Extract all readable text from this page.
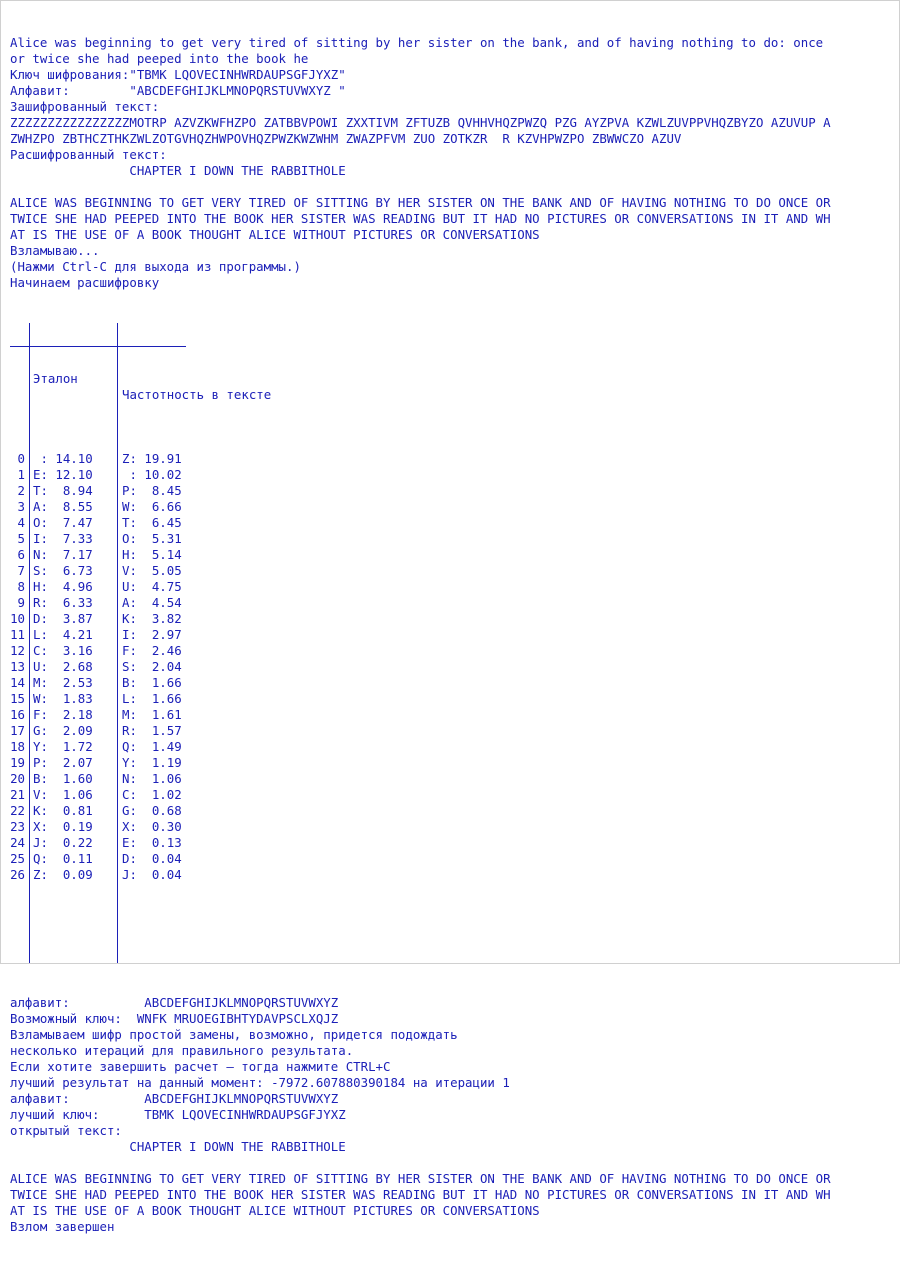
Alice was beginning to get very tired of sitting by her sister on the bank, and of having nothing to do: once
or twice she had peeped into the book he
Ключ шифрования:"TBMK LQOVECINHWRDAUPSGFJYXZ"
Алфавит:        "ABCDEFGHIJKLMNOPQRSTUVWXYZ "
Зашифрованный текст:
ZZZZZZZZZZZZZZZZMOTRP AZVZKWFHZPO ZATBBVPOWI ZXXTIVM ZFTUZB QVHHVHQZPWZQ PZG AYZPVA KZWLZUVPPVHQZBYZO AZUVUP A
ZWHZPO ZBTHCZTHKZWLZOTGVHQZHWPOVHQZPWZKWZWHM ZWAZPFVM ZUO ZOTKZR  R KZVHPWZPO ZBWWCZO AZUV
Расшифрованный текст:
CHAPTER I DOWN THE RABBITHOLE
ALICE WAS BEGINNING TO GET VERY TIRED OF SITTING BY HER SISTER ON THE BANK AND OF HAVING NOTHING TO DO ONCE OR
TWICE SHE HAD PEEPED INTO THE BOOK HER SISTER WAS READING BUT IT HAD NO PICTURES OR CONVERSATIONS IN IT AND WH
AT IS THE USE OF A BOOK THOUGHT ALICE WITHOUT PICTURES OR CONVERSATIONS
Взламываю...
(Нажми Ctrl-C для выхода из программы.)
Начинаем расшифровку

Эталон

Частотность в тексте

0 : 14.10 Z: 19.91
1 E: 12.10 : 10.02
2 T:  8.94 P:  8.45
3 A:  8.55 W:  6.66
4 O:  7.47 T:  6.45
5 I:  7.33 O:  5.31
6 N:  7.17 H:  5.14
7 S:  6.73 V:  5.05
8 H:  4.96 U:  4.75
9 R:  6.33 A:  4.54
10 D:  3.87 K:  3.82
11 L:  4.21 I:  2.97
12 C:  3.16 F:  2.46
13 U:  2.68 S:  2.04
14 M:  2.53 B:  1.66
15 W:  1.83 L:  1.66
16 F:  2.18 M:  1.61
17 G:  2.09 R:  1.57
18 Y:  1.72 Q:  1.49
19 P:  2.07 Y:  1.19
20 B:  1.60 N:  1.06
21 V:  1.06 C:  1.02
22 K:  0.81 G:  0.68
23 X:  0.19 X:  0.30
24 J:  0.22 E:  0.13
25 Q:  0.11 D:  0.04
26 Z:  0.09 J:  0.04

алфавит:          ABCDEFGHIJKLMNOPQRSTUVWXYZ
Возможный ключ:  WNFK MRUOEGIBHTYDAVPSCLXQJZ
Взламываем шифр простой замены, возможно, придется подождать
несколько итераций для правильного результата.
Если хотите завершить расчет — тогда нажмите CTRL+C
лучший результат на данный момент: -7972.607880390184 на итерации 1
алфавит:          ABCDEFGHIJKLMNOPQRSTUVWXYZ
лучший ключ:      TBMK LQOVECINHWRDAUPSGFJYXZ
открытый текст:
CHAPTER I DOWN THE RABBITHOLE
ALICE WAS BEGINNING TO GET VERY TIRED OF SITTING BY HER SISTER ON THE BANK AND OF HAVING NOTHING TO DO ONCE OR
TWICE SHE HAD PEEPED INTO THE BOOK HER SISTER WAS READING BUT IT HAD NO PICTURES OR CONVERSATIONS IN IT AND WH
AT IS THE USE OF A BOOK THOUGHT ALICE WITHOUT PICTURES OR CONVERSATIONS
Взлом завершен
